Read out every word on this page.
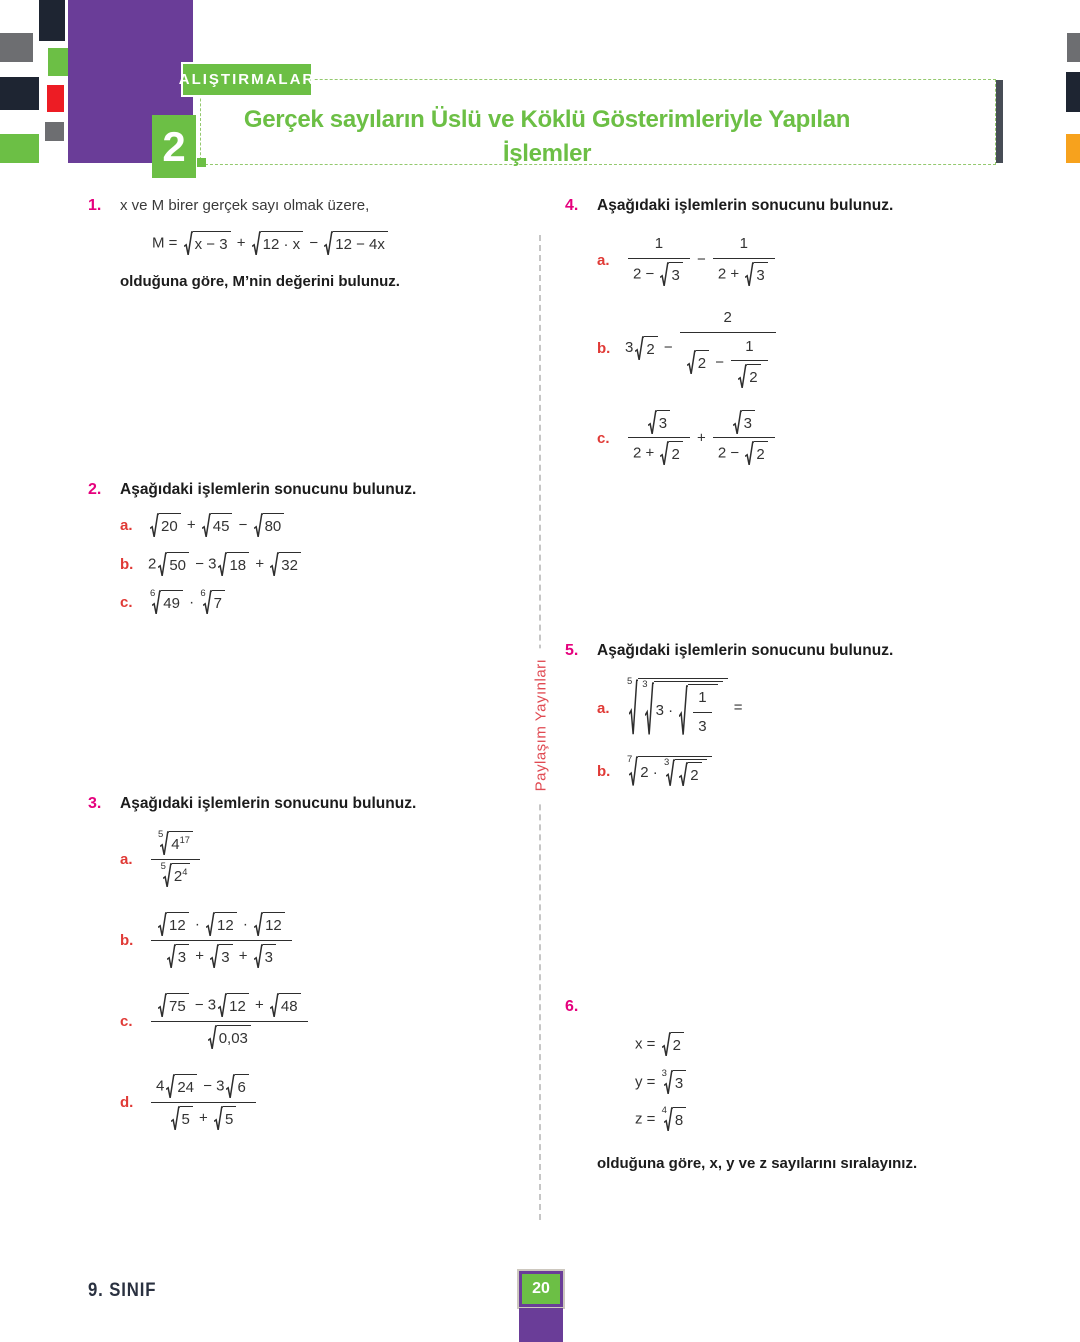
ALIŞTIRMALAR
2
Gerçek sayıların Üslü ve Köklü Gösterimleriyle Yapılan İşlemler
Paylaşım Yayınları
1.	x ve M birer gerçek sayı olmak üzere,
M = x − 3 + 12 · x − 12 − 4x
olduğuna göre, M’nin değerini bulunuz.
2.	Aşağıdaki işlemlerin sonucunu bulunuz.
a.	20 + 45 − 80
b. 2 50 − 3 18 + 32
c.
6
49 ·
6
7
3.	Aşağıdaki işlemlerin sonucunu bulunuz.
a.	5
$4^{17}$
5
$2^4$
b.	$\frac{12 \cdot 12 \cdot 12}{3 + 3 + 3}$
c.	$\frac{75 - 3 12 + 48}{0,03}$
d.	$\frac{4 24 - 3 6}{5 + 5}$
4.	Aşağıdaki işlemlerin sonucunu bulunuz.
a.	$\frac{1}{2 - 3} - \frac{1}{2 + 3}$
b. 3 $2 - \frac{2}{2 - \frac{1}{2}}$
c.	$\frac{3}{2 + 2} + \frac{3}{2 - 2}$
5.	Aşağıdaki işlemlerin sonucunu bulunuz.
a.
5 3
$3 \cdot \frac{1}{3}$ =
b.
7
2 ·
3
2
6.
x = 2
y =
3
3
z =
4
8
olduğuna göre, x, y ve z sayılarını sıralayınız.
9. SINIF	20
